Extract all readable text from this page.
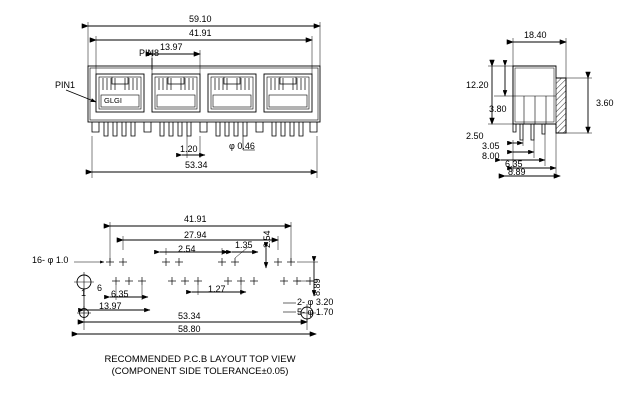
59.10
41.91
13.97
PIN8
PIN1
GLGI
1.20	φ 0.46
53.34
18.40
12.20
3.80
2.50
3.05
8.00
6.35
8.89
3.60
41.91
27.94
2.54	1.35 2.54
8.89
1.27
6.35
13.97
53.34
58.80
16- φ 1.0
2- φ 3.20
5- φ 1.70
1 6
RECOMMENDED P.C.B LAYOUT TOP VIEW
(COMPONENT SIDE TOLERANCE±0.05)
